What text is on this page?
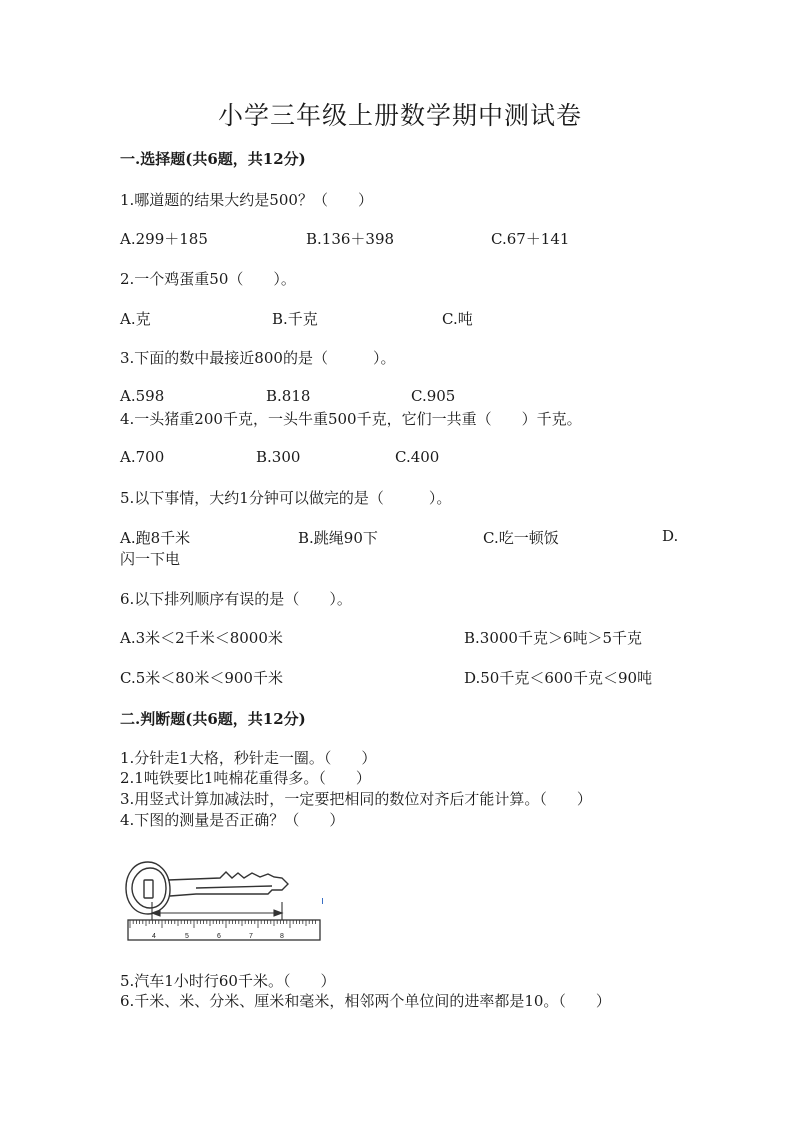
小学三年级上册数学期中测试卷
一.选择题(共6题，共12分)
1.哪道题的结果大约是500？（　　）
A.299＋185	B.136＋398	C.67＋141
2.一个鸡蛋重50（　　）。
A.克	B.千克	C.吨
3.下面的数中最接近800的是（　　　）。
A.598	B.818	C.905
4.一头猪重200千克，一头牛重500千克，它们一共重（　　）千克。
A.700	B.300	C.400
5.以下事情，大约1分钟可以做完的是（　　　）。
A.跑8千米	B.跳绳90下	C.吃一顿饭	D.
闪一下电
6.以下排列顺序有误的是（　　）。
A.3米＜2千米＜8000米	B.3000千克＞6吨＞5千克
C.5米＜80米＜900千米	D.50千克＜600千克＜90吨
二.判断题(共6题，共12分)
1.分针走1大格，秒针走一圈。（　　）
2.1吨铁要比1吨棉花重得多。（　　）
3.用竖式计算加减法时，一定要把相同的数位对齐后才能计算。（　　）
4.下图的测量是否正确？（　　）
4	5	6	7	8
5.汽车1小时行60千米。（　　）
6.千米、米、分米、厘米和毫米，相邻两个单位间的进率都是10。（　　）
